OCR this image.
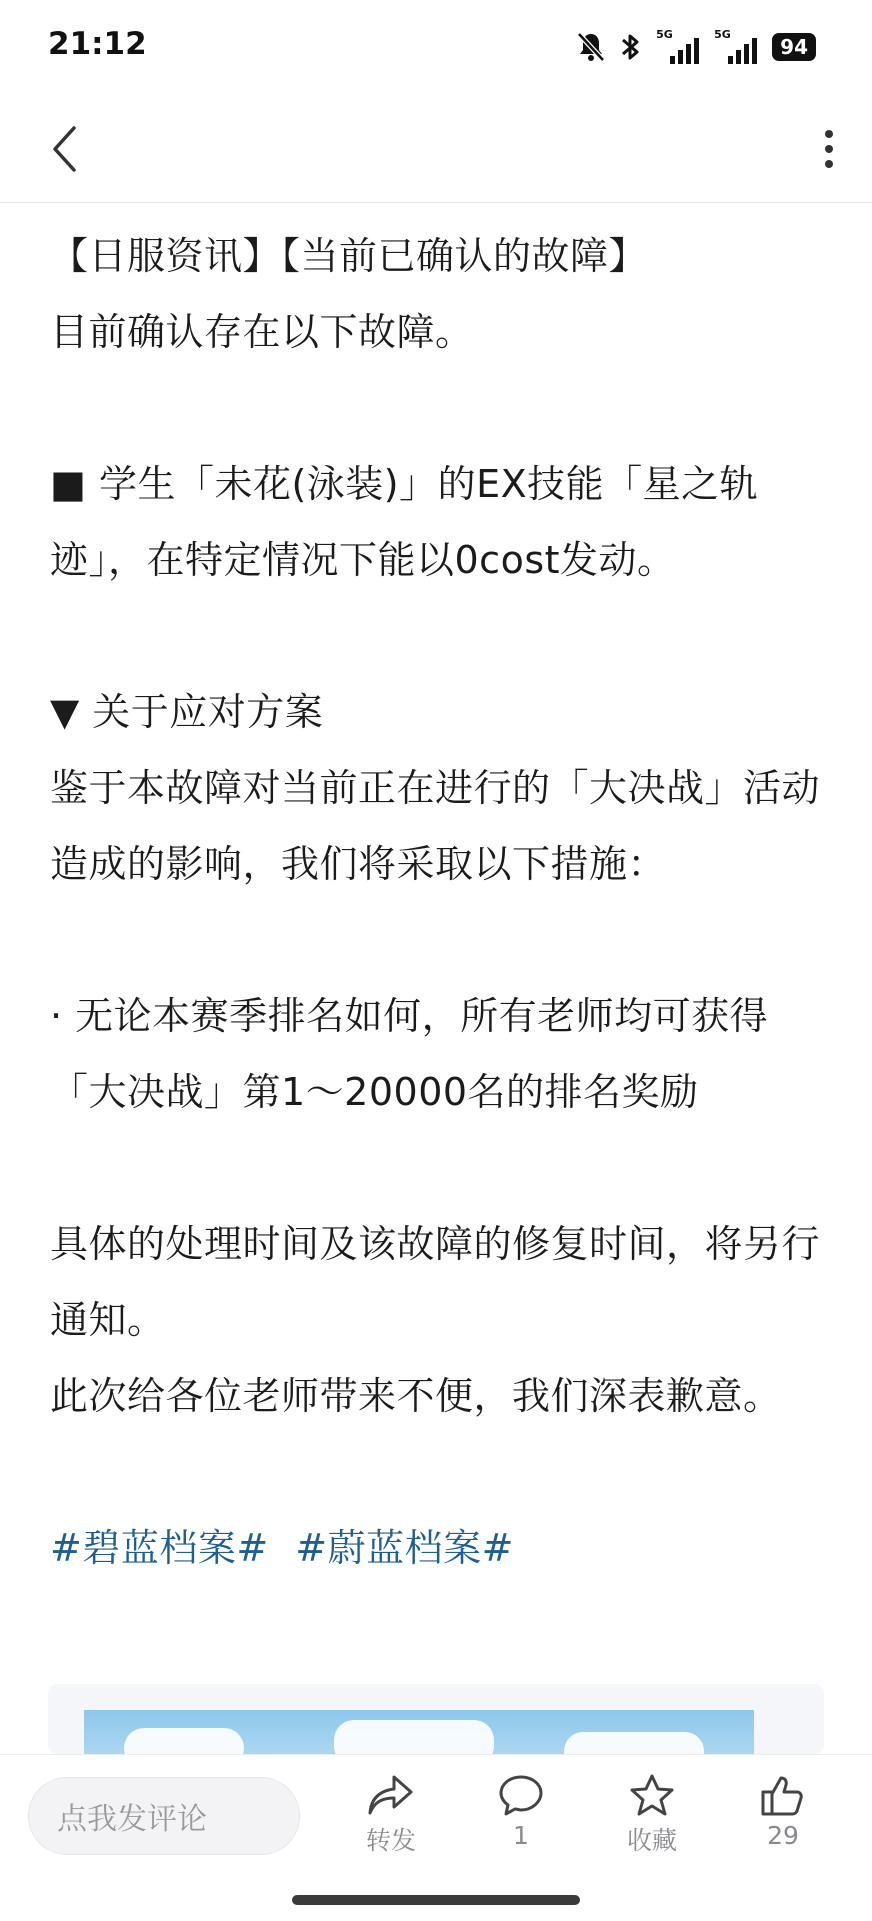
21:12	5G	5G
94

【日服资讯】【当前已确认的故障】

目前确认存在以下故障。

■ 学生「未花(泳装)」的EX技能「星之轨迹」，在特定情况下能以0cost发动。

▼ 关于应对方案

鉴于本故障对当前正在进行的「大决战」活动造成的影响，我们将采取以下措施：

· 无论本赛季排名如何，所有老师均可获得「大决战」第1～20000名的排名奖励

具体的处理时间及该故障的修复时间，将另行通知。

此次给各位老师带来不便，我们深表歉意。

#碧蓝档案# #蔚蓝档案#

点我发评论
转发	1	收藏	29
